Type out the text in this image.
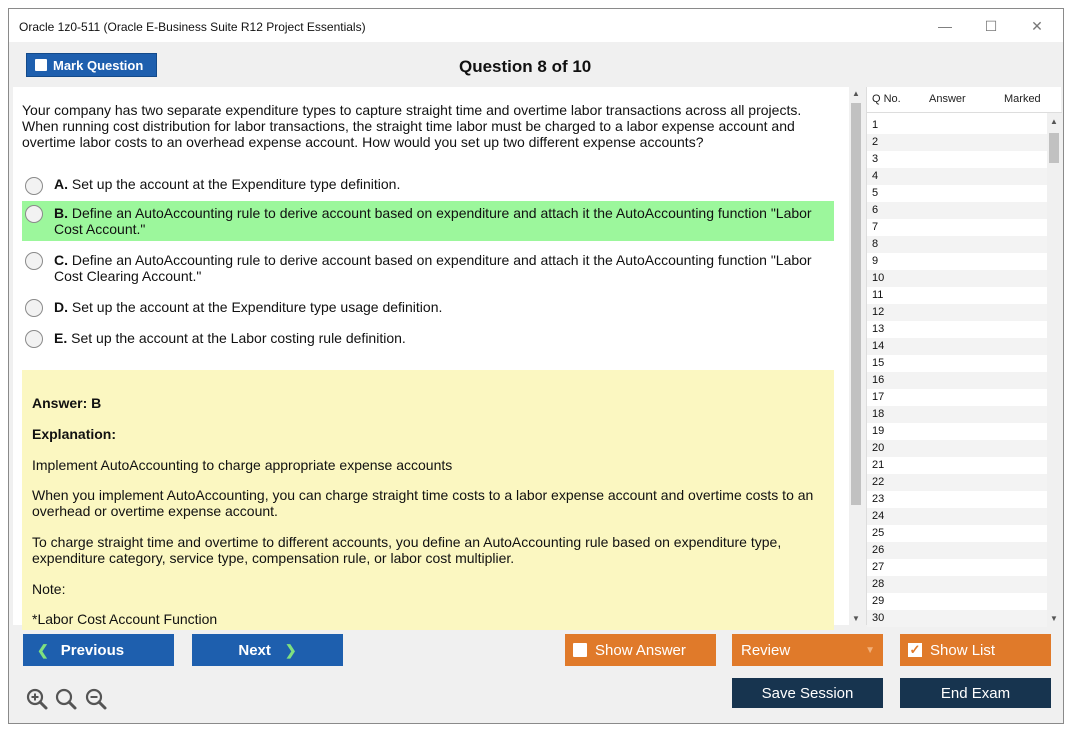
Oracle 1z0-511 (Oracle E-Business Suite R12 Project Essentials)	—	☐	✕
Mark Question	Question 8 of 10
Your company has two separate expenditure types to capture straight time and overtime labor transactions across all projects. When running cost distribution for labor transactions, the straight time labor must be charged to a labor expense account and overtime labor costs to an overhead expense account. How would you set up two different expense accounts?
A. Set up the account at the Expenditure type definition.
B. Define an AutoAccounting rule to derive account based on expenditure and attach it the AutoAccounting function "Labor Cost Account."
C. Define an AutoAccounting rule to derive account based on expenditure and attach it the AutoAccounting function "Labor Cost Clearing Account."
D. Set up the account at the Expenditure type usage definition.
E. Set up the account at the Labor costing rule definition.

Answer: B

Explanation:

Implement AutoAccounting to charge appropriate expense accounts

When you implement AutoAccounting, you can charge straight time costs to a labor expense account and overtime costs to an overhead or overtime expense account.

To charge straight time and overtime to different accounts, you define an AutoAccounting rule based on expenditure type, expenditure category, service type, compensation rule, or labor cost multiplier.

Note:

*Labor Cost Account Function

▲
▼
Q No.	Answer	Marked
1
2
3
4
5
6
7
8
9
10
11
12
13
14
15
16
17
18
19
20
21
22
23
24
25
26
27
28
29
30
▲
▼
❮ Previous	Next ❯	Show Answer	Review	▼	✓ Show List
Save Session	End Exam
